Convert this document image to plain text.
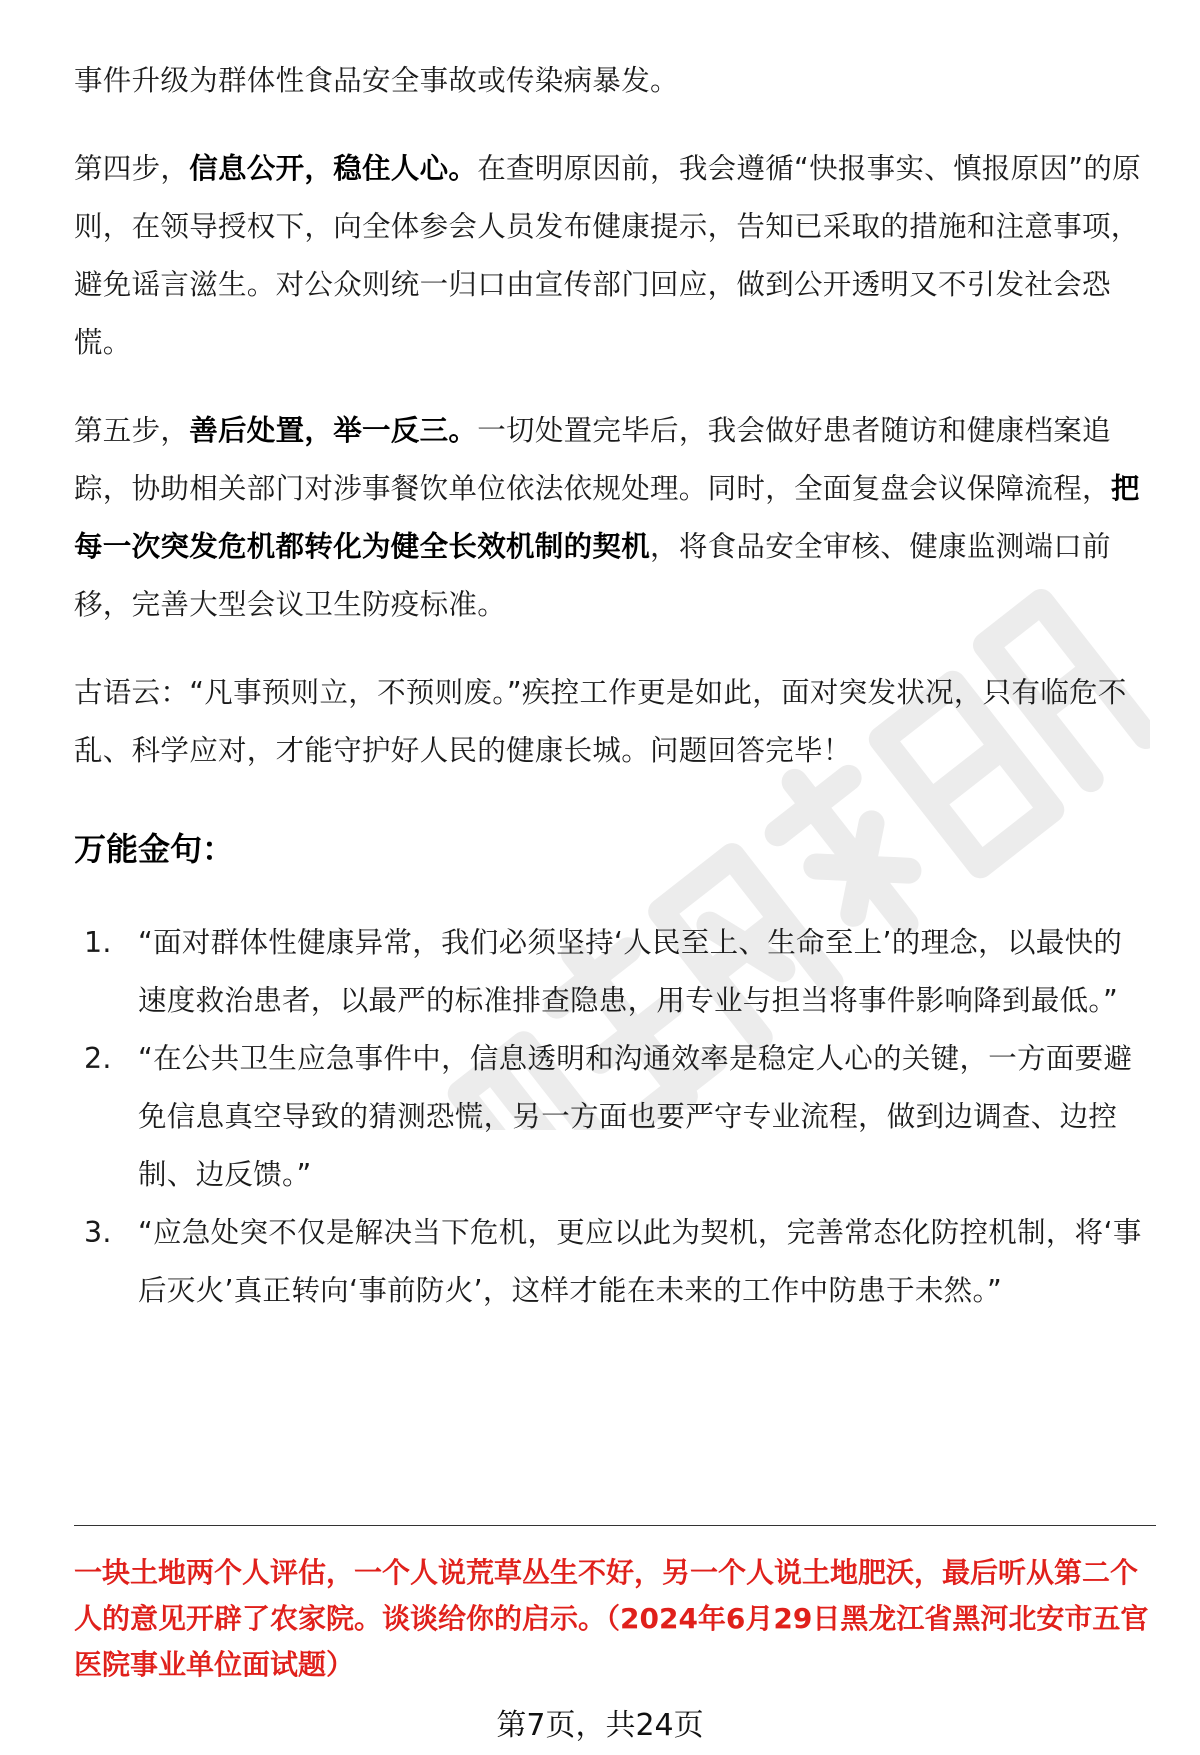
事件升级为群体性食品安全事故或传染病暴发。

第四步，信息公开，稳住人心。在查明原因前，我会遵循“快报事实、慎报原因”的原则，在领导授权下，向全体参会人员发布健康提示，告知已采取的措施和注意事项，避免谣言滋生。对公众则统一归口由宣传部门回应，做到公开透明又不引发社会恐慌。

第五步，善后处置，举一反三。一切处置完毕后，我会做好患者随访和健康档案追踪，协助相关部门对涉事餐饮单位依法依规处理。同时，全面复盘会议保障流程，把每一次突发危机都转化为健全长效机制的契机，将食品安全审核、健康监测端口前移，完善大型会议卫生防疫标准。

古语云：“凡事预则立，不预则废。”疾控工作更是如此，面对突发状况，只有临危不乱、科学应对，才能守护好人民的健康长城。问题回答完毕！

万能金句：
1. “面对群体性健康异常，我们必须坚持‘人民至上、生命至上’的理念，以最快的速度救治患者，以最严的标准排查隐患，用专业与担当将事件影响降到最低。”
2. “在公共卫生应急事件中，信息透明和沟通效率是稳定人心的关键，一方面要避免信息真空导致的猜测恐慌，另一方面也要严守专业流程，做到边调查、边控制、边反馈。”
3. “应急处突不仅是解决当下危机，更应以此为契机，完善常态化防控机制，将‘事后灭火’真正转向‘事前防火’，这样才能在未来的工作中防患于未然。”
一块土地两个人评估，一个人说荒草丛生不好，另一个人说土地肥沃，最后听从第二个人的意见开辟了农家院。谈谈给你的启示。（2024年6月29日黑龙江省黑河北安市五官医院事业单位面试题）
第7页，共24页
